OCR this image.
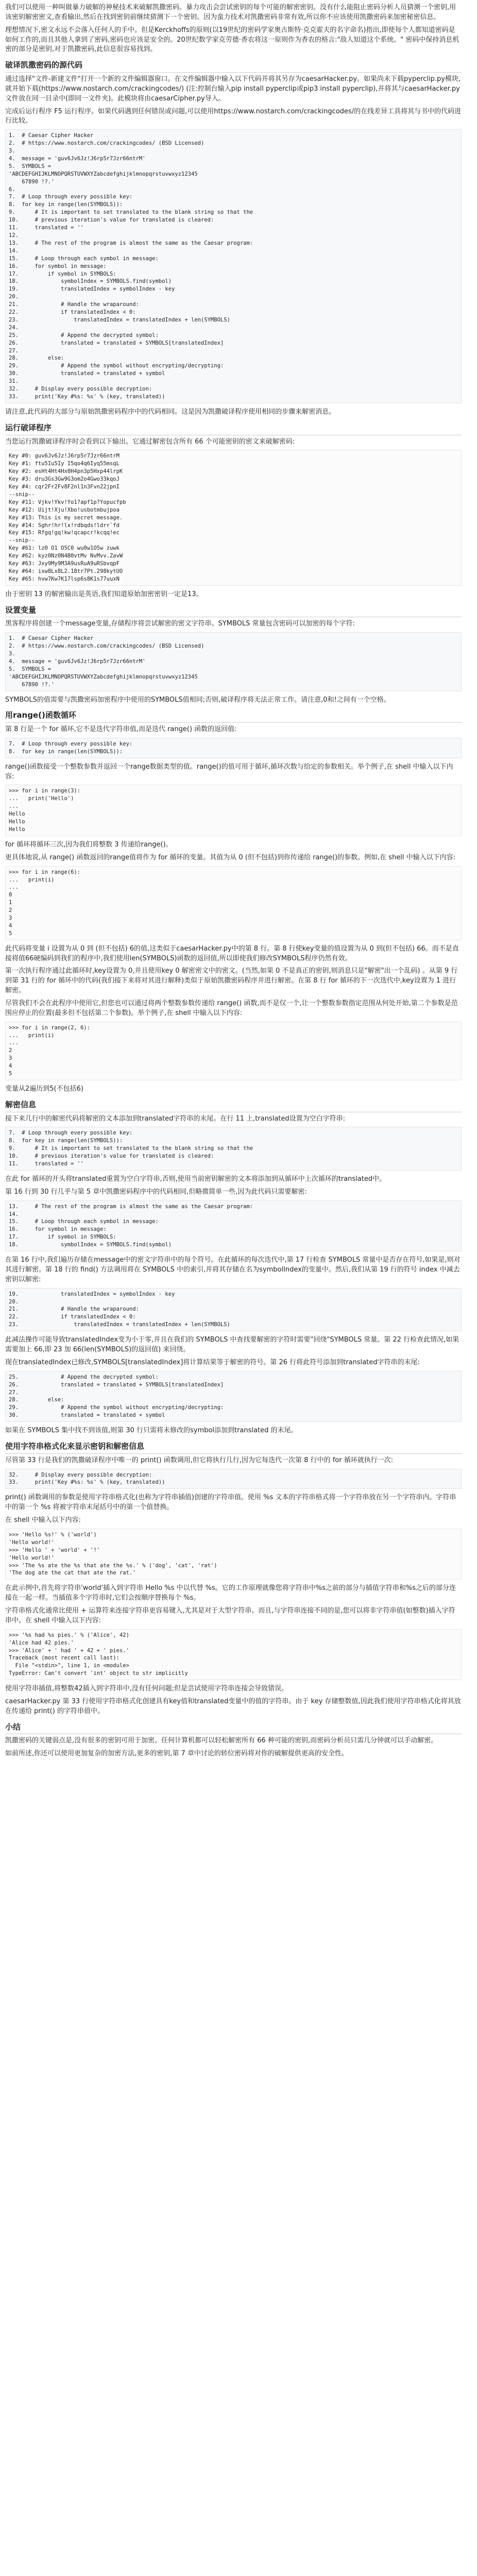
我们可以使用一种叫做暴力破解的神秘技术来破解凯撒密码。暴力攻击会尝试密钥的每个可能的解密密钥。没有什么能阻止密码分析人员猜测一个密钥,用该密钥解密密文,查看输出,然后在找到密钥前继续猜测下一个密钥。因为蛮力技术对凯撒密码非常有效,所以你不应该使用凯撒密码来加密秘密信息。

理想情况下,密文永远不会落入任何人的手中。但是Kerckhoffs的原则(以19世纪的密码学家奥古斯特·克克霍夫的名字命名)指出,即使每个人都知道密码是如何工作的,而且其他人拿到了密码,密码也应该是安全的。20世纪数学家克劳德·香农将这一原则作为香农的格言:"敌人知道这个系统。" 密码中保持消息机密的部分是密钥,对于凯撒密码,此信息很容易找到。

破译凯撒密码的源代码

通过选择"文件-新建文件"打开一个新的文件编辑器窗口。在文件编辑器中输入以下代码并将其另存为caesarHacker.py。如果尚未下载pyperclip.py模块,就并始下载(https://www.nostarch.com/crackingcodes/) (注:控制台输入pip install pyperclip或pip3 install pyperclip),并将其与caesarHacker.py文件放在同一目录中(即同一文件夹)。此模块将由caesarCipher.py导入。

完成后运行程序 F5 运行程序。如果代码遇到任何错误或问题,可以使用https://www.nostarch.com/crackingcodes/的在线差异工具将其与书中的代码进行比较。

1.  # Caesar Cipher Hacker
2.  # https://www.nostarch.com/crackingcodes/ (BSD Licensed)
3.
4.  message = 'guv6Jv6Jz!J6rp5r7Jzr66ntrM'
5.  SYMBOLS =
'ABCDEFGHIJKLMNOPQRSTUVWXYZabcdefghijklmnopqrstuvwxyz12345
67890 !?.'
6.
7.  # Loop through every possible key:
8.  for key in range(len(SYMBOLS)):
9.      # It is important to set translated to the blank string so that the
10.     # previous iteration's value for translated is cleared:
11.     translated = ''
12.
13.     # The rest of the program is almost the same as the Caesar program:
14.
15.     # Loop through each symbol in message:
16.     for symbol in message:
17.         if symbol in SYMBOLS:
18.             symbolIndex = SYMBOLS.find(symbol)
19.             translatedIndex = symbolIndex - key
20.
21.             # Handle the wraparound:
22.             if translatedIndex < 0:
23.                 translatedIndex = translatedIndex + len(SYMBOLS)
24.
25.             # Append the decrypted symbol:
26.             translated = translated + SYMBOLS[translatedIndex]
27.
28.         else:
29.             # Append the symbol without encrypting/decrypting:
30.             translated = translated + symbol
31.
32.     # Display every possible decryption:
33.     print('Key #%s: %s' % (key, translated))

请注意,此代码的大部分与原始凯撒密码程序中的代码相同。这是因为凯撒破译程序使用相同的步骤来解密消息。

运行破译程序

当您运行凯撒破译程序时会看到以下输出。它通过解密包含所有 66 个可能密钥的密文来破解密码:

Key #0: guv6Jv6Jz!J6rp5r7Jzr66ntrM
Key #1: ftu5Iu5Iy I5qo4q6Iyq55msqL
Key #2: esHt4Ht4Hx0H4pn3p5Hxp44lrpK
Key #3: dru3Gs3Gw9G3om2o4Gwo33kqoJ
Key #4: cqr2Fr2Fv8F2nl1n3Fvn22jpnI
--snip--
Key #11: Vjkv!Ykv!Yo1?apf1p?Yopucfpb
Key #12: Uijt!Xju!Xbo!usbotmbujpoa
Key #13: This is my secret message.
Key #14: Sghr!hr!lx!rdbqds!ldrr`fd
Key #15: Rfgq!gq!kw!qcapcr!kcqq!ec
--snip--
Key #61: lz0 O1 O5C0 wu0w1O5w zuwk
Key #62: kyz0Nz0N4B0vtMv NvMvv.ZavW
Key #63: Jxy9My9M3A9usRuA9uRSbvqpF
Key #64: ixw8Lx8L2.18tr7Pt.298kytUO
Key #65: hvw7Kw7K17lsp6s8K1s77uuxN

由于密钥 13 的解密输出是英语,我们知道原始加密密钥一定是13。

设置变量

黑客程序将创建一个message变量,存储程序将尝试解密的密文字符串。SYMBOLS 常量包含密码可以加密的每个字符:

1.  # Caesar Cipher Hacker
2.  # https://www.nostarch.com/crackingcodes/ (BSD Licensed)
3.
4.  message = 'guv6Jv6Jz!J6rp5r7Jzr66ntrM'
5.  SYMBOLS =
'ABCDEFGHIJKLMNOPQRSTUVWXYZabcdefghijklmnopqrstuvwxyz12345
67890 !?.'

SYMBOLS的值需要与凯撒密码加密程序中使用的SYMBOLS值相同;否则,破译程序将无法正常工作。请注意,0和!之间有一个空格。

用range()函数循环

第 8 行是一个 for 循环,它不是迭代字符串值,而是迭代 range() 函数的返回值:

7.  # Loop through every possible key:
8.  for key in range(len(SYMBOLS)):

range()函数接受一个整数参数并返回一个range数据类型的值。range()的值可用于循环,循环次数与给定的参数相关。举个例子,在 shell 中输入以下内容:

>>> for i in range(3):
...   print('Hello')
...
Hello
Hello
Hello

for 循环将循环三次,因为我们将整数 3 传递给range()。

更具体地说,从 range() 函数返回的range值将作为 for 循环的变量。其值为从 0 (但不包括)到你传递给 range()的参数。例如,在 shell 中输入以下内容:

>>> for i in range(6):
...   print(i)
...
0
1
2
3
4
5

此代码将变量 i 设置为从 0 到 (但不包括) 6的值,这类似于caesarHacker.py中的第 8 行。第 8 行使key变量的值设置为从 0 到(但不包括) 66。而不是直接将值66硬编码到我们的程序中,我们使用len(SYMBOLS)函数的返回值,所以即使我们修改SYMBOLS程序仍然有效。

第一次执行程序通过此循环时,key设置为 0,并且使用key 0 解密密文中的密文。(当然,如果 0 不是真正的密钥,则消息只是"解密"出一个乱码) 。从第 9 行到第 31 行的 for 循环中的代码(我们接下来将对其进行解释)类似于原始凯撒密码程序并进行解密。在第 8 行 for 循环的下一次迭代中,key设置为 1 进行解密。

尽管我们不会在此程序中使用它,但您也可以通过将两个整数参数传递给 range() 函数,而不是仅一个,让一个整数参数指定范围从何处开始,第二个参数是范围应停止的位置(最多但不包括第二个参数)。举个例子,在 shell 中输入以下内容:

>>> for i in range(2, 6):
...   print(i)
...
2
3
4
5

变量从2遍历到5(不包括6)

解密信息

接下来几行中的解密代码将解密的文本添加到translated字符串的末尾。在行 11 上,translated设置为空白字符串:

7.  # Loop through every possible key:
8.  for key in range(len(SYMBOLS)):
9.      # It is important to set translated to the blank string so that the
10.     # previous iteration's value for translated is cleared:
11.     translated = ''

在此 for 循环的开头将translated重置为空白字符串,否则,使用当前密钥解密的文本将添加到从循环中上次循环的translated中。

第 16 行到 30 行几乎与第 5 章中凯撒密码程序中的代码相同,但略微简单一些,因为此代码只需要解密:

13.     # The rest of the program is almost the same as the Caesar program:
14.
15.     # Loop through each symbol in message:
16.     for symbol in message:
17.         if symbol in SYMBOLS:
18.             symbolIndex = SYMBOLS.find(symbol)

在第 16 行中,我们遍历存储在message中的密文字符串中的每个符号。在此循环的每次迭代中,第 17 行检查 SYMBOLS 常量中是否存在符号,如果是,则对其进行解密。第 18 行的 find() 方法调用将在 SYMBOLS 中的索引,并将其存储在名为symbolIndex的变量中。然后,我们从第 19 行的符号 index 中减去密钥以解密:

19.             translatedIndex = symbolIndex - key
20.
21.             # Handle the wraparound:
22.             if translatedIndex < 0:
23.                 translatedIndex = translatedIndex + len(SYMBOLS)

此减法操作可能导致translatedIndex变为小于零,并且在我们的 SYMBOLS 中查找要解密的字符时需要"回绕"SYMBOLS 常量。第 22 行检查此情况,如果需要加上 66,即 23 加 66(len(SYMBOLS)的返回值) 来回绕。

现在translatedIndex已修改,SYMBOLS[translatedIndex]将计算结果等于解密的符号。第 26 行将此符号添加到translated字符串的末尾:

25.             # Append the decrypted symbol:
26.             translated = translated + SYMBOLS[translatedIndex]
27.
28.         else:
29.             # Append the symbol without encrypting/decrypting:
30.             translated = translated + symbol

如果在 SYMBOLS 集中找不到该值,则第 30 行只需将未修改的symbol添加到translated 的末尾。

使用字符串格式化来显示密钥和解密信息

尽管第 33 行是我们的凯撒破译程序中唯一的 print() 函数调用,但它将执行几行,因为它每迭代一次第 8 行中的 for 循环就执行一次:

32.     # Display every possible decryption:
33.     print('Key #%s: %s' % (key, translated))

print() 函数调用的参数是使用字符串格式化(也称为字符串插值)创建的字符串值。使用 %s 文本的字符串格式将一个字符串放在另一个字符串内。字符串中的第一个 %s 将被字符串末尾括号中的第一个值替换。

在 shell 中输入以下内容:

>>> 'Hello %s!' % ('world')
'Hello world!'
>>> 'Hello ' + 'world' + '!'
'Hello world!'
>>> 'The %s ate the %s that ate the %s.' % ('dog', 'cat', 'rat')
'The dog ate the cat that ate the rat.'

在此示例中,首先将字符串'world'插入到字符串 Hello %s 中以代替 %s。它的工作原理就像您将字符串中%s之前的部分与插值字符串和%s之后的部分连接在一起一样。当插值多个字符串时,它们会按顺序替换每个 %s。

字符串格式化通常比使用 + 运算符来连接字符串更容易键入,尤其是对于大型字符串。而且,与字符串连接不同的是,您可以将非字符串值(如整数)插入字符串中。在 shell 中输入以下内容:

>>> '%s had %s pies.' % ('Alice', 42)
'Alice had 42 pies.'
>>> 'Alice' + ' had ' + 42 + ' pies.'
Traceback (most recent call last):
File "<stdin>", line 1, in <module>
TypeError: Can't convert 'int' object to str implicitly

使用字符串插值,将整数42插入到字符串中,没有任何问题;但是尝试使用字符串连接会导致错误。

caesarHacker.py 第 33 行使用字符串格式化创建具有key值和translated变量中的值的字符串。由于 key 存储整数值,因此我们使用字符串格式化将其放在传递给 print() 的字符串值中。

小结

凯撒密码的关键弱点是,没有很多的密钥可用于加密。任何计算机都可以轻松解密所有 66 种可能的密钥,而密码分析员只需几分钟就可以手动解密。

如前所述,你还可以使用更加复杂的加密方法,更多的密钥,第 7 章中讨论的转位密码将对你的破解提供更高的安全性。
